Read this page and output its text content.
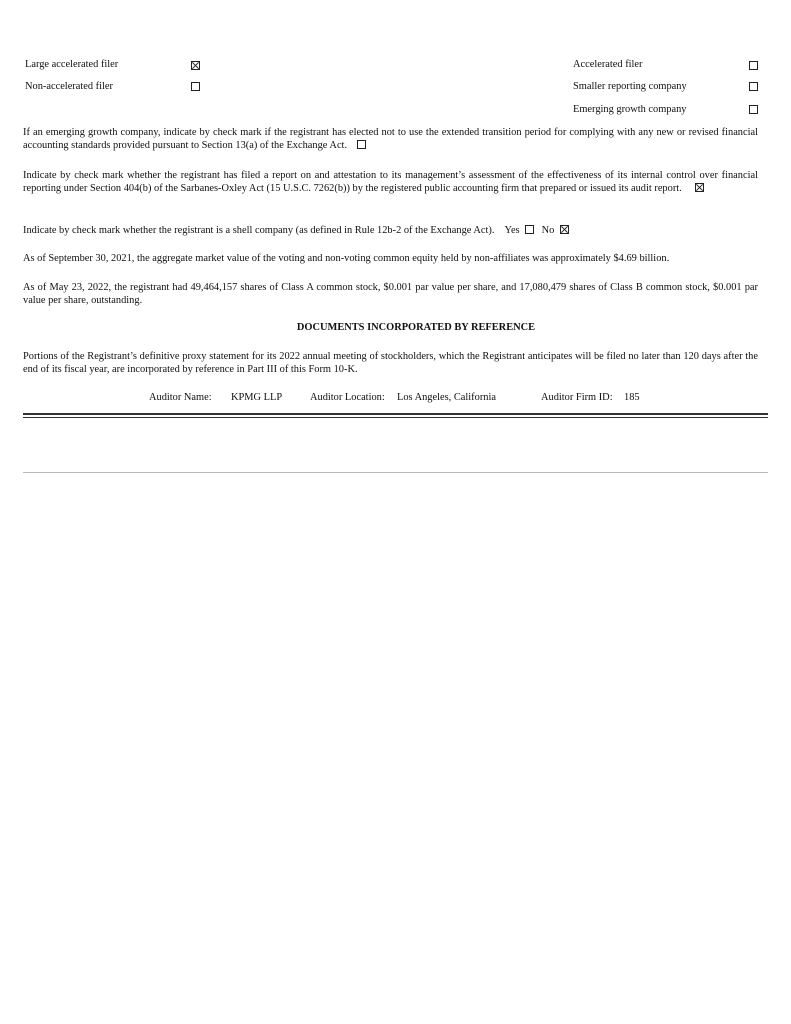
Large accelerated filer
Non-accelerated filer
Accelerated filer
Smaller reporting company
Emerging growth company
If an emerging growth company, indicate by check mark if the registrant has elected not to use the extended transition period for complying with any new or revised financial accounting standards provided pursuant to Section 13(a) of the Exchange Act.
Indicate by check mark whether the registrant has filed a report on and attestation to its management’s assessment of the effectiveness of its internal control over financial reporting under Section 404(b) of the Sarbanes-Oxley Act (15 U.S.C. 7262(b)) by the registered public accounting firm that prepared or issued its audit report.
Indicate by check mark whether the registrant is a shell company (as defined in Rule 12b-2 of the Exchange Act). Yes No
As of September 30, 2021, the aggregate market value of the voting and non-voting common equity held by non-affiliates was approximately $4.69 billion.
As of May 23, 2022, the registrant had 49,464,157 shares of Class A common stock, $0.001 par value per share, and 17,080,479 shares of Class B common stock, $0.001 par value per share, outstanding.
DOCUMENTS INCORPORATED BY REFERENCE
Portions of the Registrant’s definitive proxy statement for its 2022 annual meeting of stockholders, which the Registrant anticipates will be filed no later than 120 days after the end of its fiscal year, are incorporated by reference in Part III of this Form 10-K.
Auditor Name: KPMG LLP	Auditor Location: Los Angeles, California	Auditor Firm ID: 185
